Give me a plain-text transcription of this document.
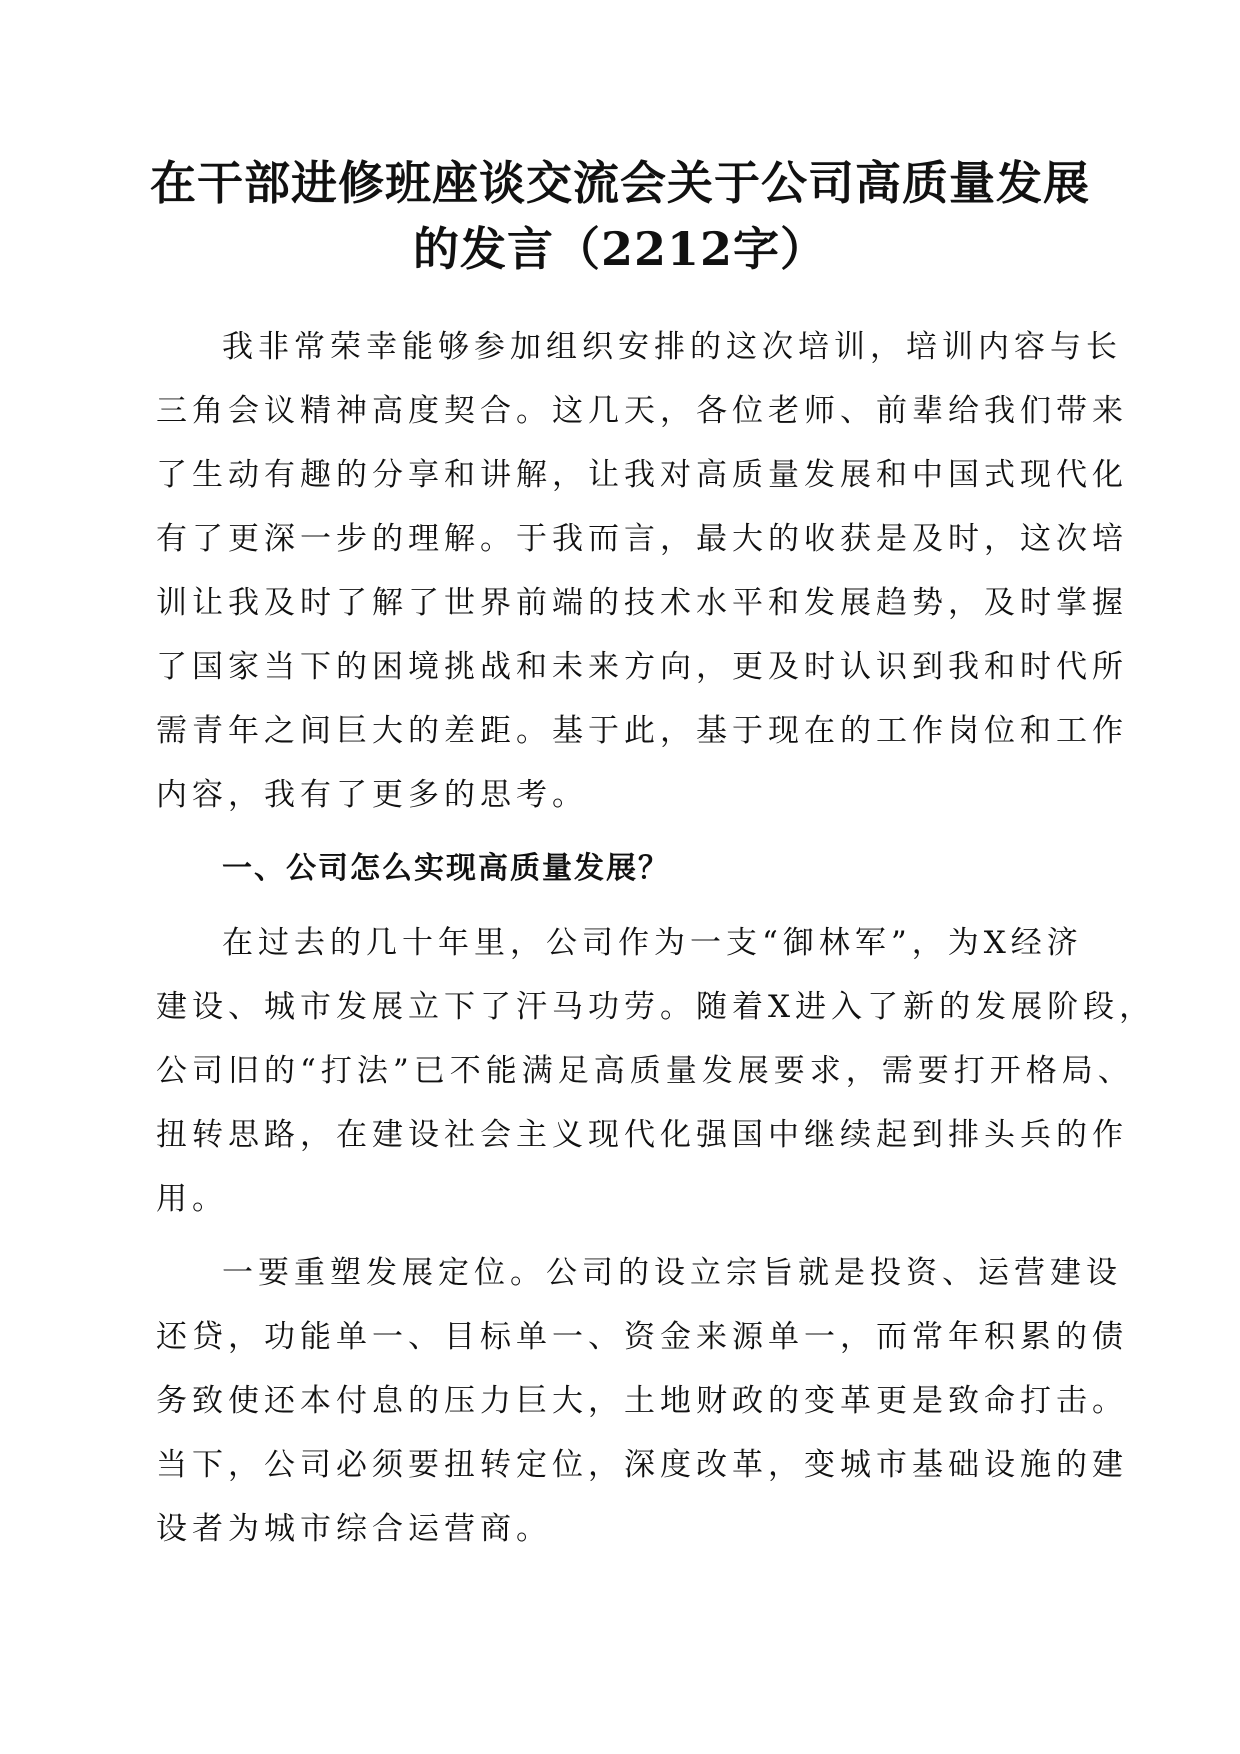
在干部进修班座谈交流会关于公司高质量发展
的发言（2212字）

我非常荣幸能够参加组织安排的这次培训，培训内容与长
三角会议精神高度契合。这几天，各位老师、前辈给我们带来
了生动有趣的分享和讲解，让我对高质量发展和中国式现代化
有了更深一步的理解。于我而言，最大的收获是及时，这次培
训让我及时了解了世界前端的技术水平和发展趋势，及时掌握
了国家当下的困境挑战和未来方向，更及时认识到我和时代所
需青年之间巨大的差距。基于此，基于现在的工作岗位和工作
内容，我有了更多的思考。

一、公司怎么实现高质量发展？

在过去的几十年里，公司作为一支“御林军”，为X经济
建设、城市发展立下了汗马功劳。随着X进入了新的发展阶段，
公司旧的“打法”已不能满足高质量发展要求，需要打开格局、
扭转思路，在建设社会主义现代化强国中继续起到排头兵的作
用。

一要重塑发展定位。公司的设立宗旨就是投资、运营建设
还贷，功能单一、目标单一、资金来源单一，而常年积累的债
务致使还本付息的压力巨大，土地财政的变革更是致命打击。
当下，公司必须要扭转定位，深度改革，变城市基础设施的建
设者为城市综合运营商。
